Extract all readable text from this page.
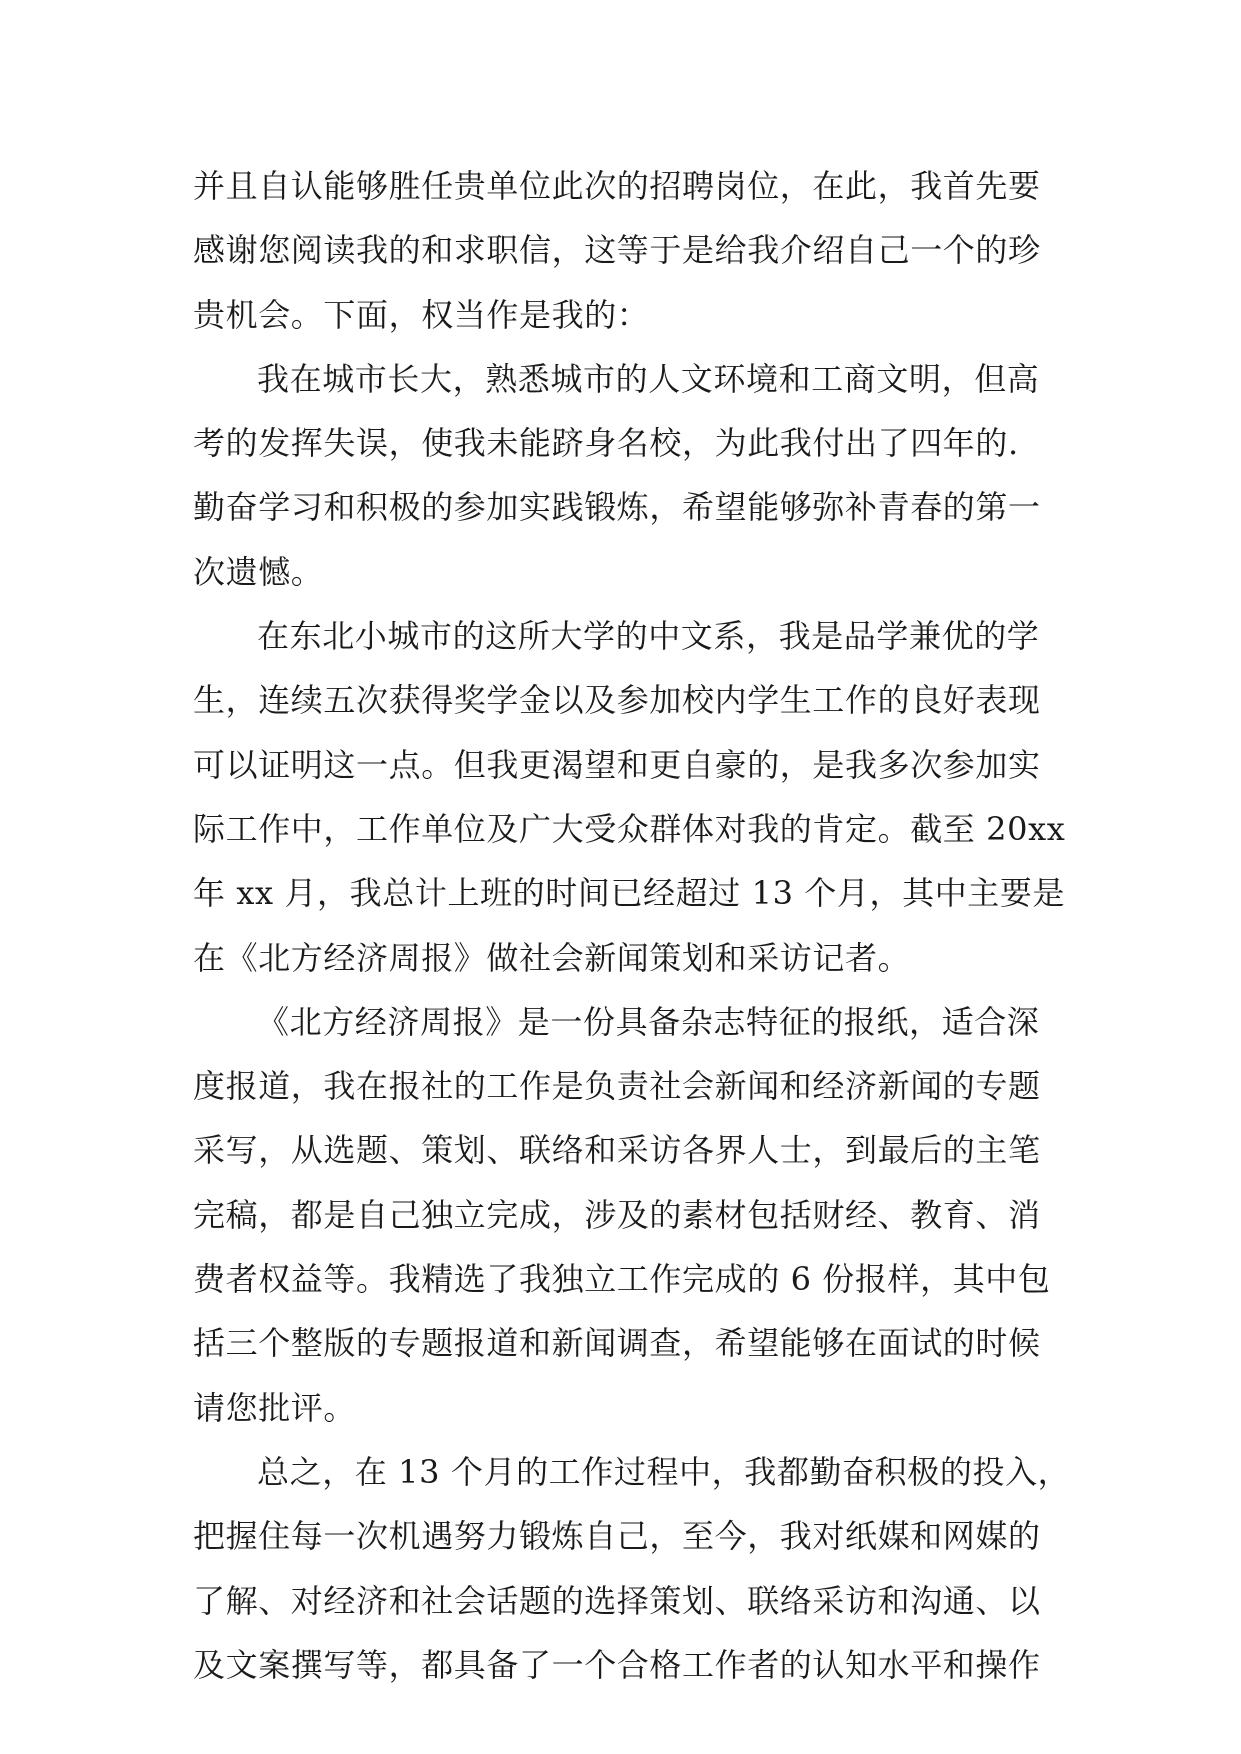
并且自认能够胜任贵单位此次的招聘岗位，在此，我首先要
感谢您阅读我的和求职信，这等于是给我介绍自己一个的珍
贵机会。下面，权当作是我的：
我在城市长大，熟悉城市的人文环境和工商文明，但高
考的发挥失误，使我未能跻身名校，为此我付出了四年的.
勤奋学习和积极的参加实践锻炼，希望能够弥补青春的第一
次遗憾。
在东北小城市的这所大学的中文系，我是品学兼优的学
生，连续五次获得奖学金以及参加校内学生工作的良好表现
可以证明这一点。但我更渴望和更自豪的，是我多次参加实
际工作中，工作单位及广大受众群体对我的肯定。截至 20xx
年 xx 月，我总计上班的时间已经超过 13 个月，其中主要是
在《北方经济周报》做社会新闻策划和采访记者。
《北方经济周报》是一份具备杂志特征的报纸，适合深
度报道，我在报社的工作是负责社会新闻和经济新闻的专题
采写，从选题、策划、联络和采访各界人士，到最后的主笔
完稿，都是自己独立完成，涉及的素材包括财经、教育、消
费者权益等。我精选了我独立工作完成的 6 份报样，其中包
括三个整版的专题报道和新闻调查，希望能够在面试的时候
请您批评。
总之，在 13 个月的工作过程中，我都勤奋积极的投入，
把握住每一次机遇努力锻炼自己，至今，我对纸媒和网媒的
了解、对经济和社会话题的选择策划、联络采访和沟通、以
及文案撰写等，都具备了一个合格工作者的认知水平和操作
